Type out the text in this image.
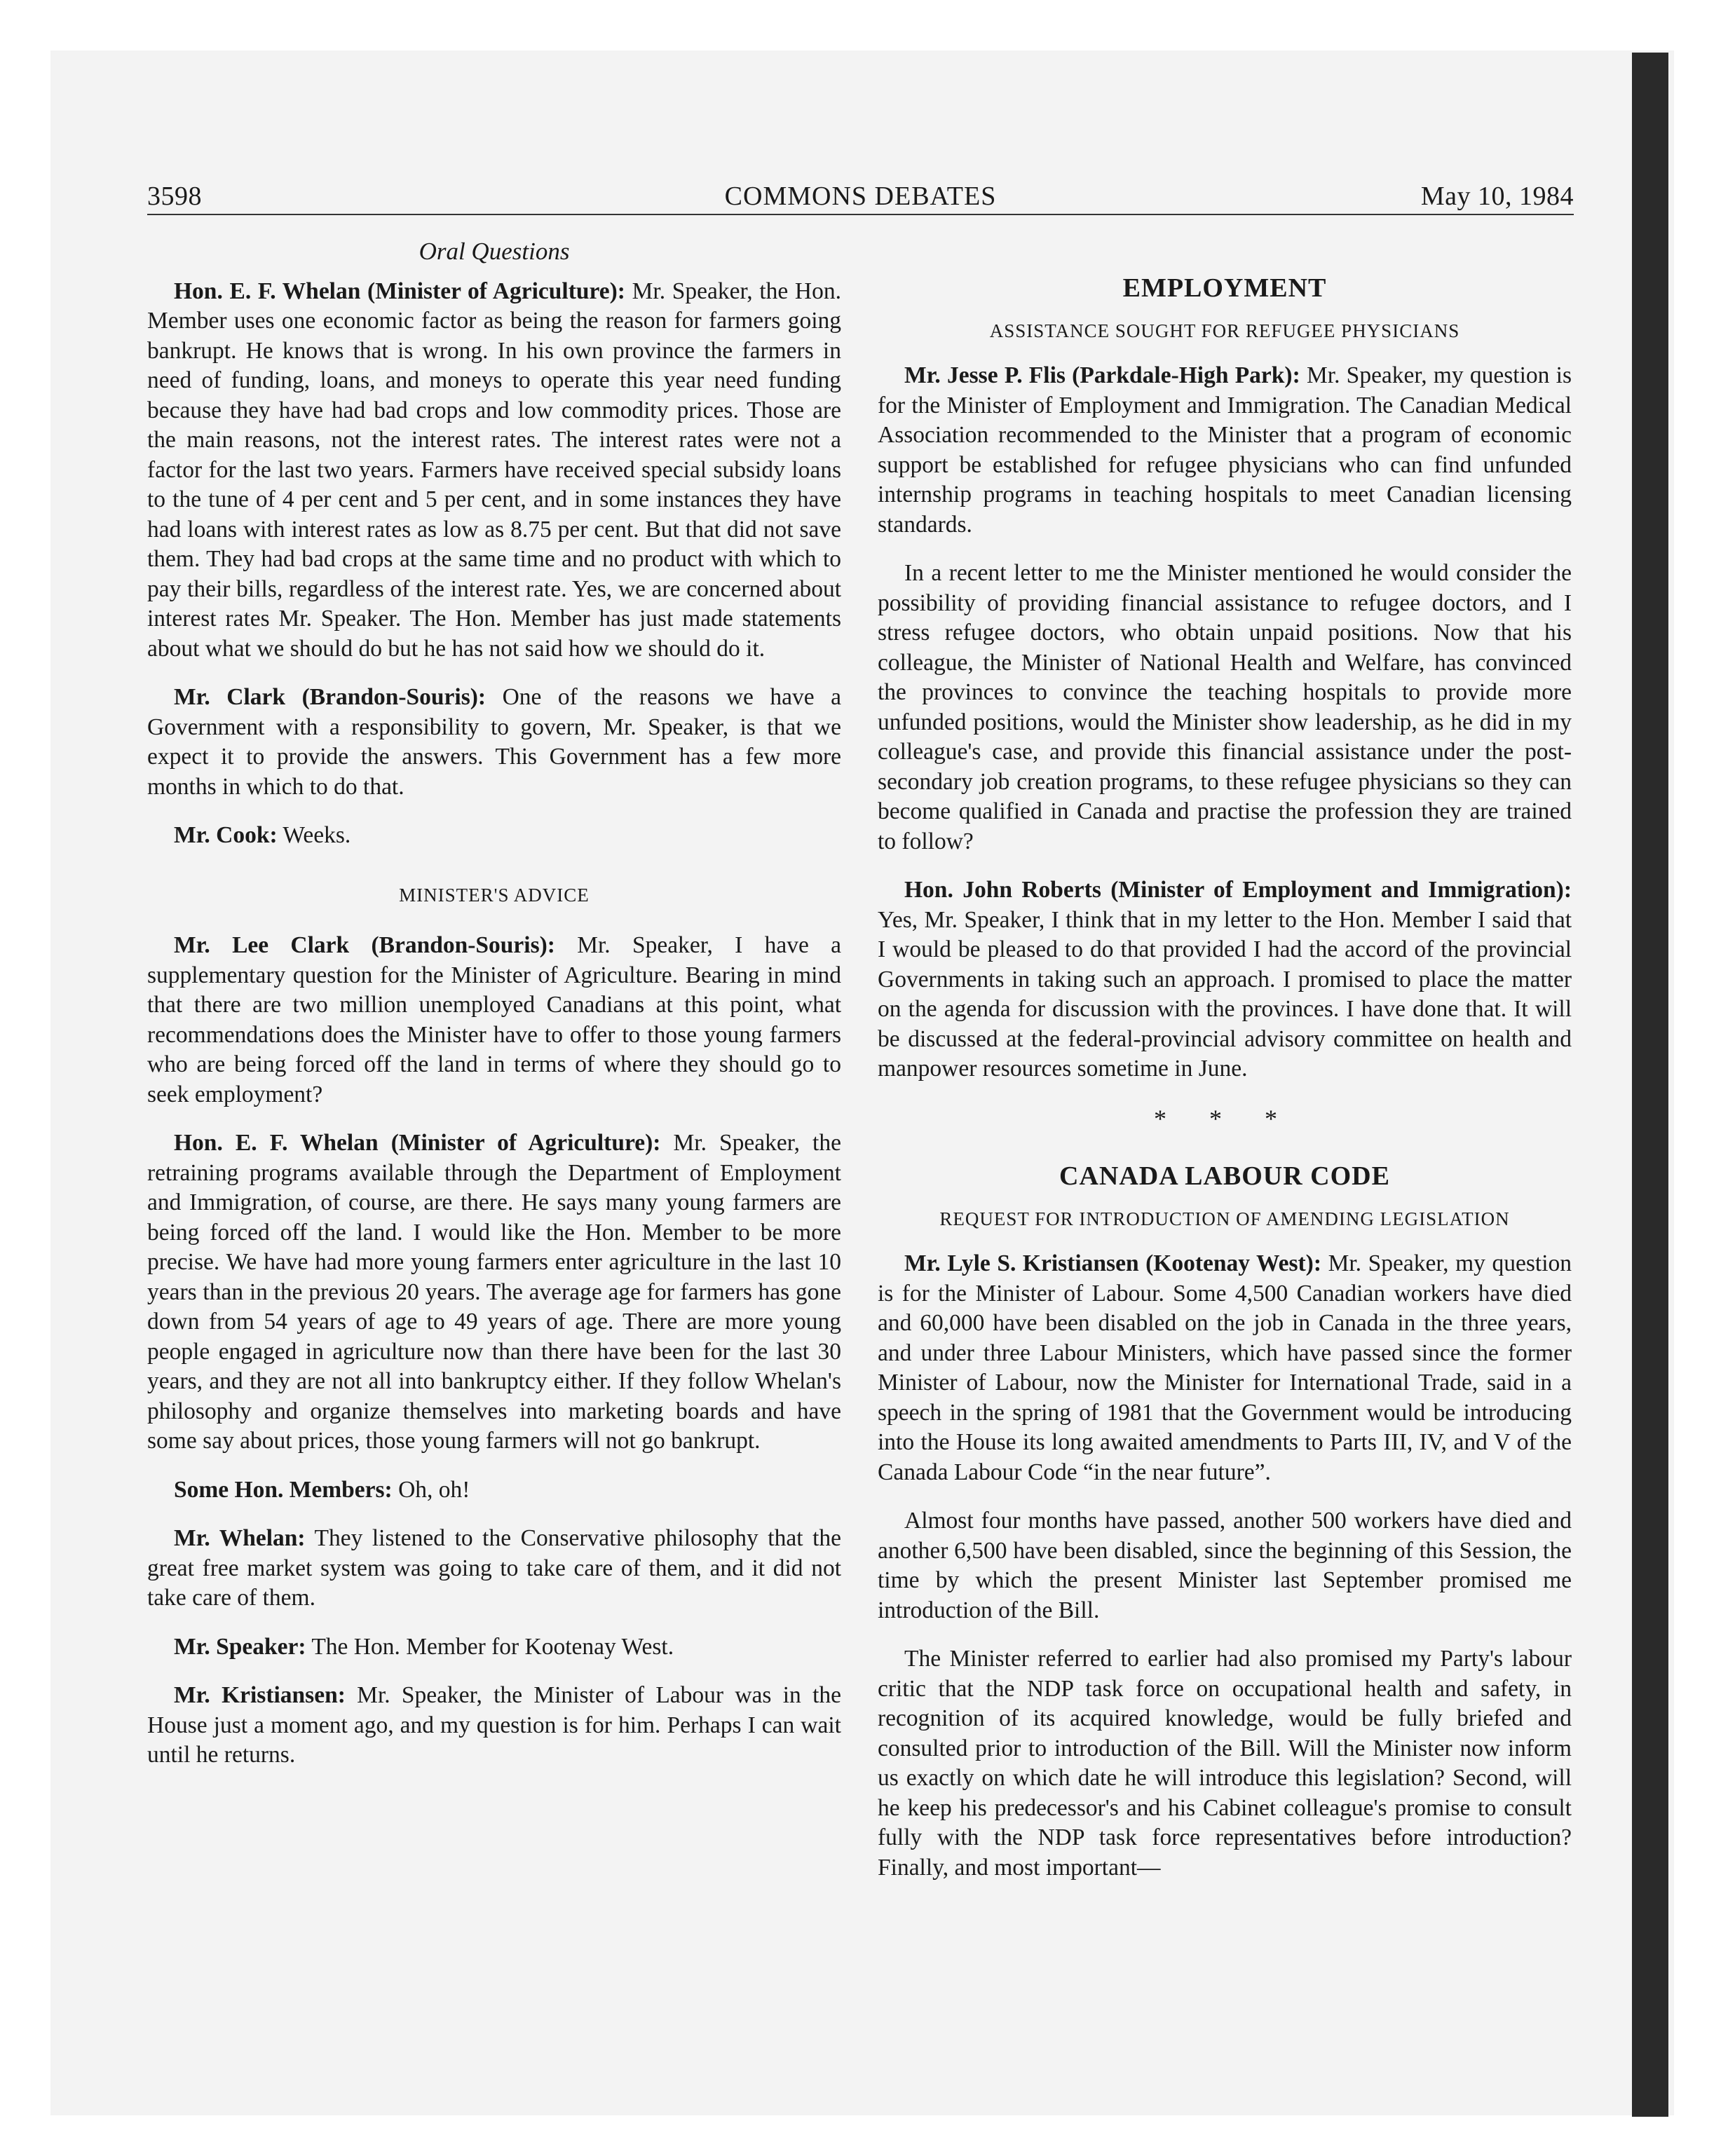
3598	COMMONS DEBATES	May 10, 1984
Oral Questions

Hon. E. F. Whelan (Minister of Agriculture): Mr. Speaker, the Hon. Member uses one economic factor as being the reason for farmers going bankrupt. He knows that is wrong. In his own province the farmers in need of funding, loans, and moneys to operate this year need funding because they have had bad crops and low commodity prices. Those are the main reasons, not the interest rates. The interest rates were not a factor for the last two years. Farmers have received special subsidy loans to the tune of 4 per cent and 5 per cent, and in some instances they have had loans with interest rates as low as 8.75 per cent. But that did not save them. They had bad crops at the same time and no product with which to pay their bills, regardless of the interest rate. Yes, we are concerned about interest rates Mr. Speaker. The Hon. Member has just made statements about what we should do but he has not said how we should do it.

Mr. Clark (Brandon-Souris): One of the reasons we have a Government with a responsibility to govern, Mr. Speaker, is that we expect it to provide the answers. This Government has a few more months in which to do that.

Mr. Cook: Weeks.

MINISTER'S ADVICE

Mr. Lee Clark (Brandon-Souris): Mr. Speaker, I have a supplementary question for the Minister of Agriculture. Bearing in mind that there are two million unemployed Canadians at this point, what recommendations does the Minister have to offer to those young farmers who are being forced off the land in terms of where they should go to seek employment?

Hon. E. F. Whelan (Minister of Agriculture): Mr. Speaker, the retraining programs available through the Department of Employment and Immigration, of course, are there. He says many young farmers are being forced off the land. I would like the Hon. Member to be more precise. We have had more young farmers enter agriculture in the last 10 years than in the previous 20 years. The average age for farmers has gone down from 54 years of age to 49 years of age. There are more young people engaged in agriculture now than there have been for the last 30 years, and they are not all into bankruptcy either. If they follow Whelan's philosophy and organize themselves into marketing boards and have some say about prices, those young farmers will not go bankrupt.

Some Hon. Members: Oh, oh!

Mr. Whelan: They listened to the Conservative philosophy that the great free market system was going to take care of them, and it did not take care of them.

Mr. Speaker: The Hon. Member for Kootenay West.

Mr. Kristiansen: Mr. Speaker, the Minister of Labour was in the House just a moment ago, and my question is for him. Perhaps I can wait until he returns.

EMPLOYMENT
ASSISTANCE SOUGHT FOR REFUGEE PHYSICIANS

Mr. Jesse P. Flis (Parkdale-High Park): Mr. Speaker, my question is for the Minister of Employment and Immigration. The Canadian Medical Association recommended to the Minister that a program of economic support be established for refugee physicians who can find unfunded internship programs in teaching hospitals to meet Canadian licensing standards.

In a recent letter to me the Minister mentioned he would consider the possibility of providing financial assistance to refugee doctors, and I stress refugee doctors, who obtain unpaid positions. Now that his colleague, the Minister of National Health and Welfare, has convinced the provinces to convince the teaching hospitals to provide more unfunded positions, would the Minister show leadership, as he did in my colleague's case, and provide this financial assistance under the post-secondary job creation programs, to these refugee physicians so they can become qualified in Canada and practise the profession they are trained to follow?

Hon. John Roberts (Minister of Employment and Immigration): Yes, Mr. Speaker, I think that in my letter to the Hon. Member I said that I would be pleased to do that provided I had the accord of the provincial Governments in taking such an approach. I promised to place the matter on the agenda for discussion with the provinces. I have done that. It will be discussed at the federal-provincial advisory committee on health and manpower resources sometime in June.

* * *
CANADA LABOUR CODE
REQUEST FOR INTRODUCTION OF AMENDING LEGISLATION

Mr. Lyle S. Kristiansen (Kootenay West): Mr. Speaker, my question is for the Minister of Labour. Some 4,500 Canadian workers have died and 60,000 have been disabled on the job in Canada in the three years, and under three Labour Ministers, which have passed since the former Minister of Labour, now the Minister for International Trade, said in a speech in the spring of 1981 that the Government would be introducing into the House its long awaited amendments to Parts III, IV, and V of the Canada Labour Code “in the near future”.

Almost four months have passed, another 500 workers have died and another 6,500 have been disabled, since the beginning of this Session, the time by which the present Minister last September promised me introduction of the Bill.

The Minister referred to earlier had also promised my Party's labour critic that the NDP task force on occupational health and safety, in recognition of its acquired knowledge, would be fully briefed and consulted prior to introduction of the Bill. Will the Minister now inform us exactly on which date he will introduce this legislation? Second, will he keep his predecessor's and his Cabinet colleague's promise to consult fully with the NDP task force representatives before introduction? Finally, and most important—
